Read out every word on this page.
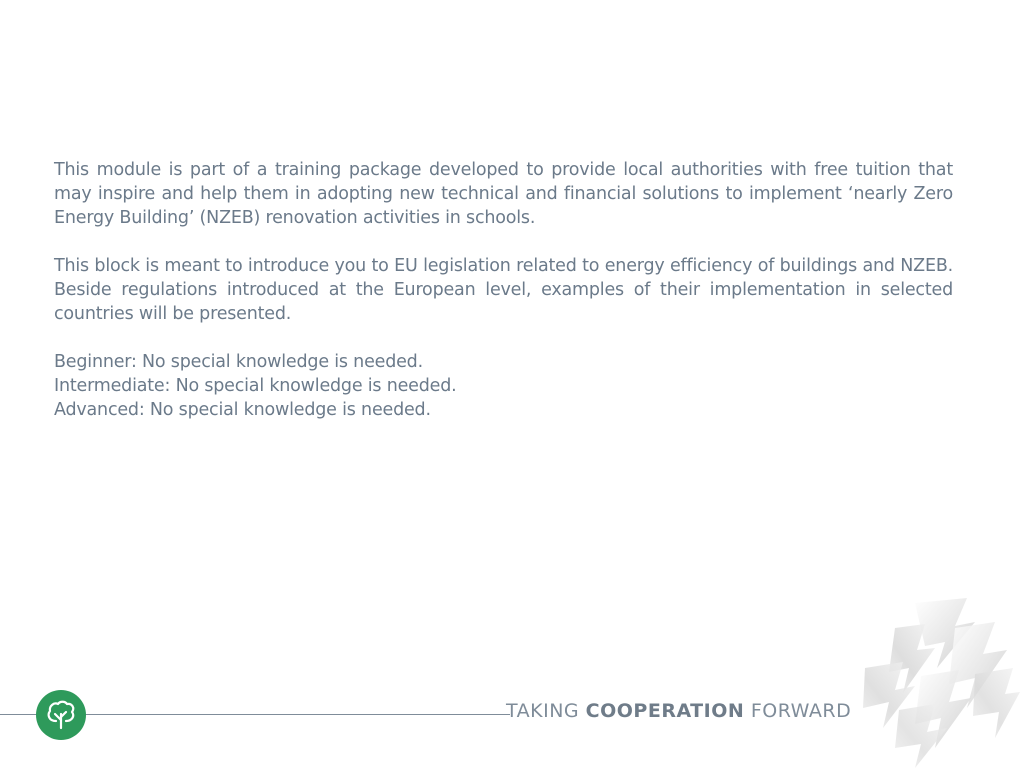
This module is part of a training package developed to provide local authorities with free tuition that may inspire and help them in adopting new technical and financial solutions to implement ‘nearly Zero Energy Building’ (NZEB) renovation activities in schools.

This block is meant to introduce you to EU legislation related to energy efficiency of buildings and NZEB. Beside regulations introduced at the European level, examples of their implementation in selected countries will be presented.

Beginner: No special knowledge is needed.
Intermediate: No special knowledge is needed.
Advanced: No special knowledge is needed.
TAKING COOPERATION FORWARD
